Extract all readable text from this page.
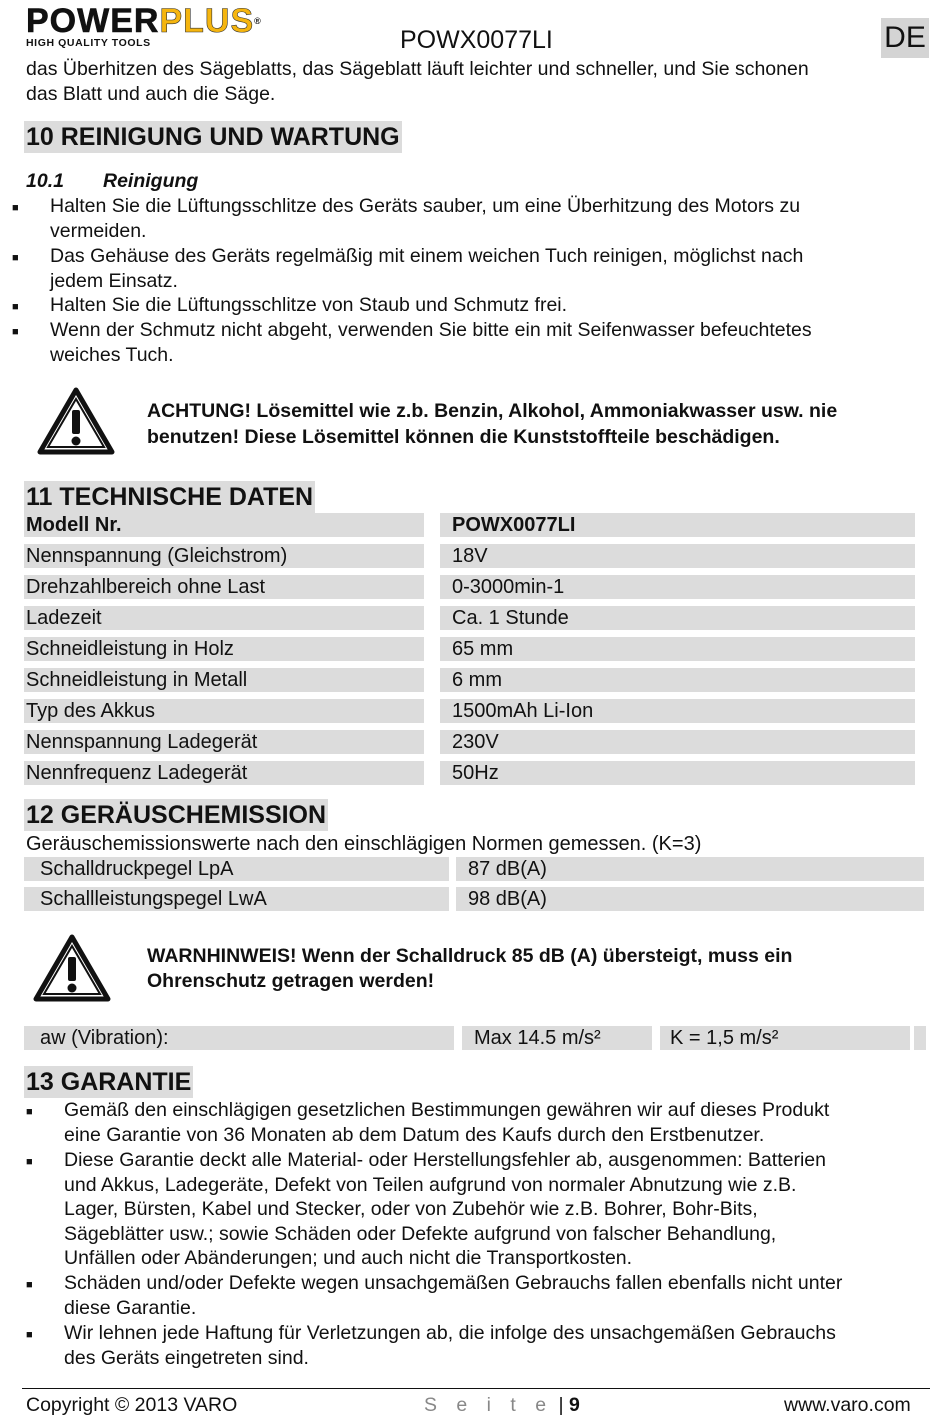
POWERPLUS®
HIGH QUALITY TOOLS	POWX0077LI	DE
das Überhitzen des Sägeblatts, das Sägeblatt läuft leichter und schneller, und Sie schonen
das Blatt und auch die Säge.
10 REINIGUNG UND WARTUNG
10.1 Reinigung
■ Halten Sie die Lüftungsschlitze des Geräts sauber, um eine Überhitzung des Motors zu
vermeiden.
■ Das Gehäuse des Geräts regelmäßig mit einem weichen Tuch reinigen, möglichst nach
jedem Einsatz.
■ Halten Sie die Lüftungsschlitze von Staub und Schmutz frei.
■ Wenn der Schmutz nicht abgeht, verwenden Sie bitte ein mit Seifenwasser befeuchtetes
weiches Tuch.
ACHTUNG! Lösemittel wie z.b. Benzin, Alkohol, Ammoniakwasser usw. nie
benutzen! Diese Lösemittel können die Kunststoffteile beschädigen.
11 TECHNISCHE DATEN
Modell Nr.	POWX0077LI
Nennspannung (Gleichstrom)	18V
Drehzahlbereich ohne Last	0-3000min-1
Ladezeit	Ca. 1 Stunde
Schneidleistung in Holz	65 mm
Schneidleistung in Metall	6 mm
Typ des Akkus	1500mAh Li-Ion
Nennspannung Ladegerät	230V
Nennfrequenz Ladegerät	50Hz
12 GERÄUSCHEMISSION
Geräuschemissionswerte nach den einschlägigen Normen gemessen. (K=3)
Schalldruckpegel LpA	87 dB(A)
Schallleistungspegel LwA	98 dB(A)
WARNHINWEIS! Wenn der Schalldruck 85 dB (A) übersteigt, muss ein
Ohrenschutz getragen werden!
aw (Vibration):	Max 14.5 m/s²	K = 1,5 m/s²
13 GARANTIE
■ Gemäß den einschlägigen gesetzlichen Bestimmungen gewähren wir auf dieses Produkt
eine Garantie von 36 Monaten ab dem Datum des Kaufs durch den Erstbenutzer.
■ Diese Garantie deckt alle Material- oder Herstellungsfehler ab, ausgenommen: Batterien
und Akkus, Ladegeräte, Defekt von Teilen aufgrund von normaler Abnutzung wie z.B.
Lager, Bürsten, Kabel und Stecker, oder von Zubehör wie z.B. Bohrer, Bohr-Bits,
Sägeblätter usw.; sowie Schäden oder Defekte aufgrund von falscher Behandlung,
Unfällen oder Abänderungen; und auch nicht die Transportkosten.
■ Schäden und/oder Defekte wegen unsachgemäßen Gebrauchs fallen ebenfalls nicht unter
diese Garantie.
■ Wir lehnen jede Haftung für Verletzungen ab, die infolge des unsachgemäßen Gebrauchs
des Geräts eingetreten sind.
Copyright © 2013 VARO	S e i t e | 9	www.varo.com
